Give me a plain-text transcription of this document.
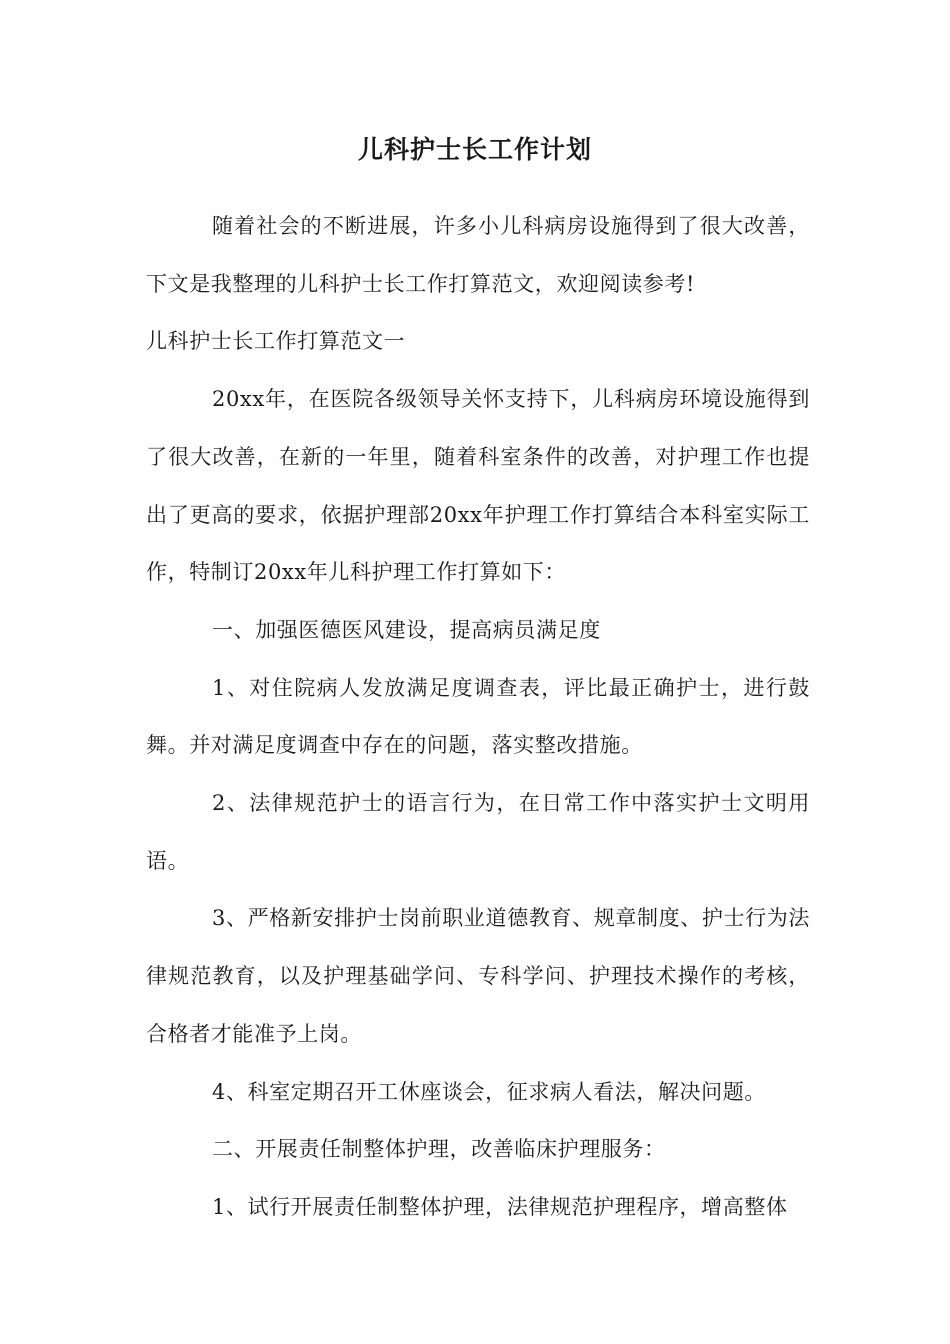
儿科护士长工作计划

随着社会的不断进展，许多小儿科病房设施得到了很大改善，下文是我整理的儿科护士长工作打算范文，欢迎阅读参考!

儿科护士长工作打算范文一

20xx年，在医院各级领导关怀支持下，儿科病房环境设施得到了很大改善，在新的一年里，随着科室条件的改善，对护理工作也提出了更高的要求，依据护理部20xx年护理工作打算结合本科室实际工作，特制订20xx年儿科护理工作打算如下：

一、加强医德医风建设，提高病员满足度

1、对住院病人发放满足度调查表，评比最正确护士，进行鼓舞。并对满足度调查中存在的问题，落实整改措施。

2、法律规范护士的语言行为，在日常工作中落实护士文明用语。

3、严格新安排护士岗前职业道德教育、规章制度、护士行为法律规范教育，以及护理基础学问、专科学问、护理技术操作的考核，合格者才能准予上岗。

4、科室定期召开工休座谈会，征求病人看法，解决问题。

二、开展责任制整体护理，改善临床护理服务：

1、试行开展责任制整体护理，法律规范护理程序，增高整体
